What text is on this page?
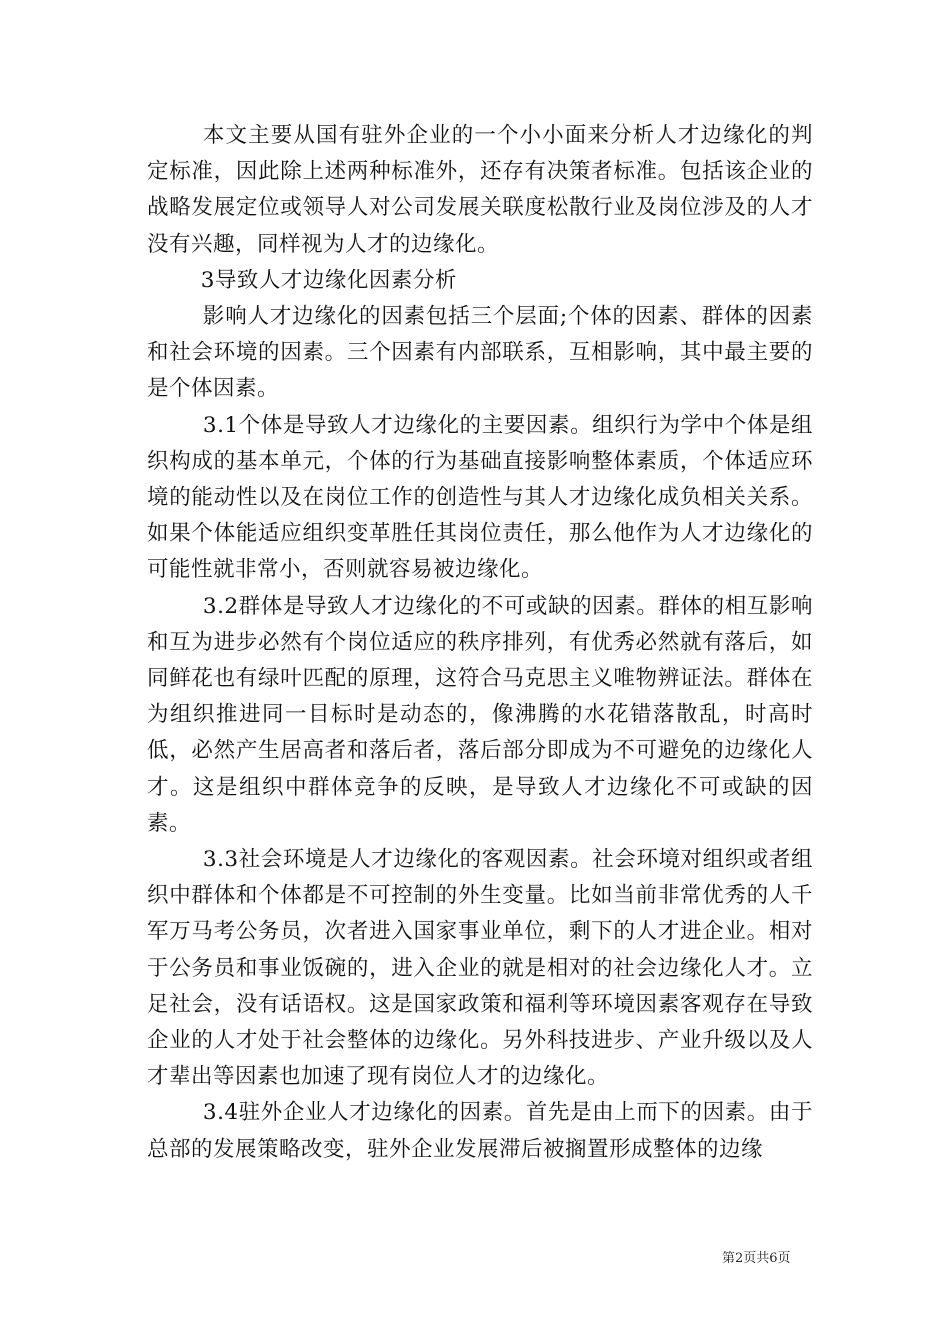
本文主要从国有驻外企业的一个小小面来分析人才边缘化的判定标准，因此除上述两种标准外，还存有决策者标准。包括该企业的战略发展定位或领导人对公司发展关联度松散行业及岗位涉及的人才没有兴趣，同样视为人才的边缘化。

3导致人才边缘化因素分析

影响人才边缘化的因素包括三个层面;个体的因素、群体的因素和社会环境的因素。三个因素有内部联系，互相影响，其中最主要的是个体因素。

3.1个体是导致人才边缘化的主要因素。组织行为学中个体是组织构成的基本单元，个体的行为基础直接影响整体素质，个体适应环境的能动性以及在岗位工作的创造性与其人才边缘化成负相关关系。如果个体能适应组织变革胜任其岗位责任，那么他作为人才边缘化的可能性就非常小，否则就容易被边缘化。

3.2群体是导致人才边缘化的不可或缺的因素。群体的相互影响和互为进步必然有个岗位适应的秩序排列，有优秀必然就有落后，如同鲜花也有绿叶匹配的原理，这符合马克思主义唯物辨证法。群体在为组织推进同一目标时是动态的，像沸腾的水花错落散乱，时高时低，必然产生居高者和落后者，落后部分即成为不可避免的边缘化人才。这是组织中群体竞争的反映，是导致人才边缘化不可或缺的因素。

3.3社会环境是人才边缘化的客观因素。社会环境对组织或者组织中群体和个体都是不可控制的外生变量。比如当前非常优秀的人千军万马考公务员，次者进入国家事业单位，剩下的人才进企业。相对于公务员和事业饭碗的，进入企业的就是相对的社会边缘化人才。立足社会，没有话语权。这是国家政策和福利等环境因素客观存在导致企业的人才处于社会整体的边缘化。另外科技进步、产业升级以及人才辈出等因素也加速了现有岗位人才的边缘化。

3.4驻外企业人才边缘化的因素。首先是由上而下的因素。由于总部的发展策略改变，驻外企业发展滞后被搁置形成整体的边缘

第2页共6页
